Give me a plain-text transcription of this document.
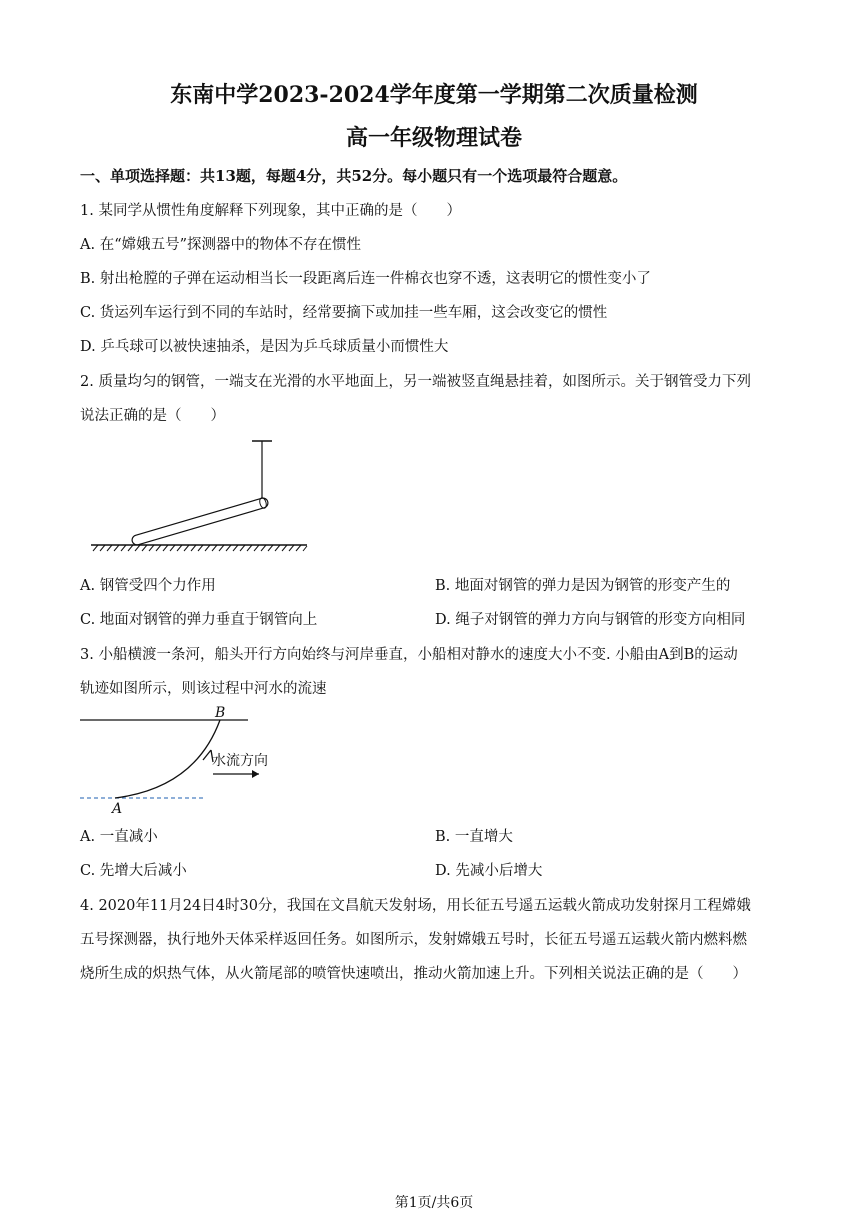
东南中学2023-2024学年度第一学期第二次质量检测
高一年级物理试卷
一、单项选择题：共13题，每题4分，共52分。每小题只有一个选项最符合题意。
1. 某同学从惯性角度解释下列现象，其中正确的是（　　）
A. 在“嫦娥五号”探测器中的物体不存在惯性
B. 射出枪膛的子弹在运动相当长一段距离后连一件棉衣也穿不透，这表明它的惯性变小了
C. 货运列车运行到不同的车站时，经常要摘下或加挂一些车厢，这会改变它的惯性
D. 乒乓球可以被快速抽杀，是因为乒乓球质量小而惯性大
2. 质量均匀的钢管，一端支在光滑的水平地面上，另一端被竖直绳悬挂着，如图所示。关于钢管受力下列
说法正确的是（　　）
A. 钢管受四个力作用	B. 地面对钢管的弹力是因为钢管的形变产生的
C. 地面对钢管的弹力垂直于钢管向上	D. 绳子对钢管的弹力方向与钢管的形变方向相同
3. 小船横渡一条河，船头开行方向始终与河岸垂直，小船相对静水的速度大小不变. 小船由A到B的运动
轨迹如图所示，则该过程中河水的流速
A
B
水流方向
A. 一直减小	B. 一直增大
C. 先增大后减小	D. 先减小后增大
4. 2020年11月24日4时30分，我国在文昌航天发射场，用长征五号遥五运载火箭成功发射探月工程嫦娥
五号探测器，执行地外天体采样返回任务。如图所示，发射嫦娥五号时，长征五号遥五运载火箭内燃料燃
烧所生成的炽热气体，从火箭尾部的喷管快速喷出，推动火箭加速上升。下列相关说法正确的是（　　）
第1页/共6页
